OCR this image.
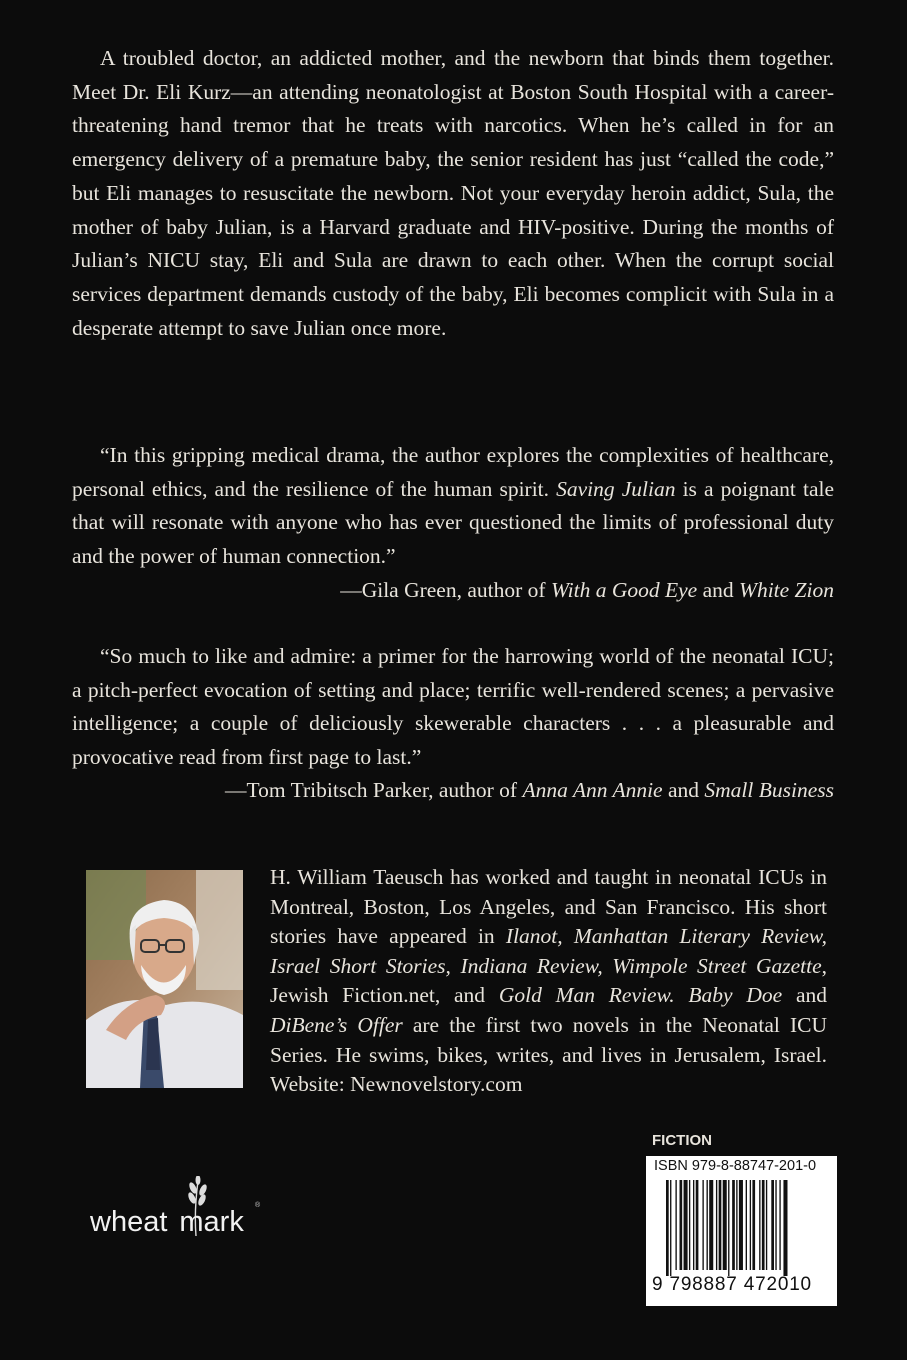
A troubled doctor, an addicted mother, and the newborn that binds them together. Meet Dr. Eli Kurz—an attending neonatologist at Boston South Hospital with a career-threatening hand tremor that he treats with narcotics. When he’s called in for an emergency delivery of a premature baby, the senior resident has just “called the code,” but Eli manages to resuscitate the newborn. Not your everyday heroin addict, Sula, the mother of baby Julian, is a Harvard graduate and HIV-positive. During the months of Julian’s NICU stay, Eli and Sula are drawn to each other. When the corrupt social services department demands custody of the baby, Eli becomes complicit with Sula in a desperate attempt to save Julian once more.

“In this gripping medical drama, the author explores the complexities of healthcare, personal ethics, and the resilience of the human spirit. Saving Julian is a poignant tale that will resonate with anyone who has ever questioned the limits of professional duty and the power of human connection.”

—Gila Green, author of With a Good Eye and White Zion

“So much to like and admire: a primer for the harrowing world of the neonatal ICU; a pitch-perfect evocation of setting and place; terrific well-rendered scenes; a pervasive intelligence; a couple of deliciously skewerable characters . . . a pleasurable and provocative read from first page to last.”

—Tom Tribitsch Parker, author of Anna Ann Annie and Small Business

H. William Taeusch has worked and taught in neonatal ICUs in Montreal, Boston, Los Angeles, and San Francisco. His short stories have appeared in Ilanot, Manhattan Literary Review, Israel Short Stories, Indiana Review, Wimpole Street Gazette, Jewish Fiction.net, and Gold Man Review. Baby Doe and DiBene’s Offer are the first two novels in the Neonatal ICU Series. He swims, bikes, writes, and lives in Jerusalem, Israel. Website: Newnovelstory.com

FICTION
ISBN 979-8-88747-201-0
9 798887 472010
wheat mark
®
